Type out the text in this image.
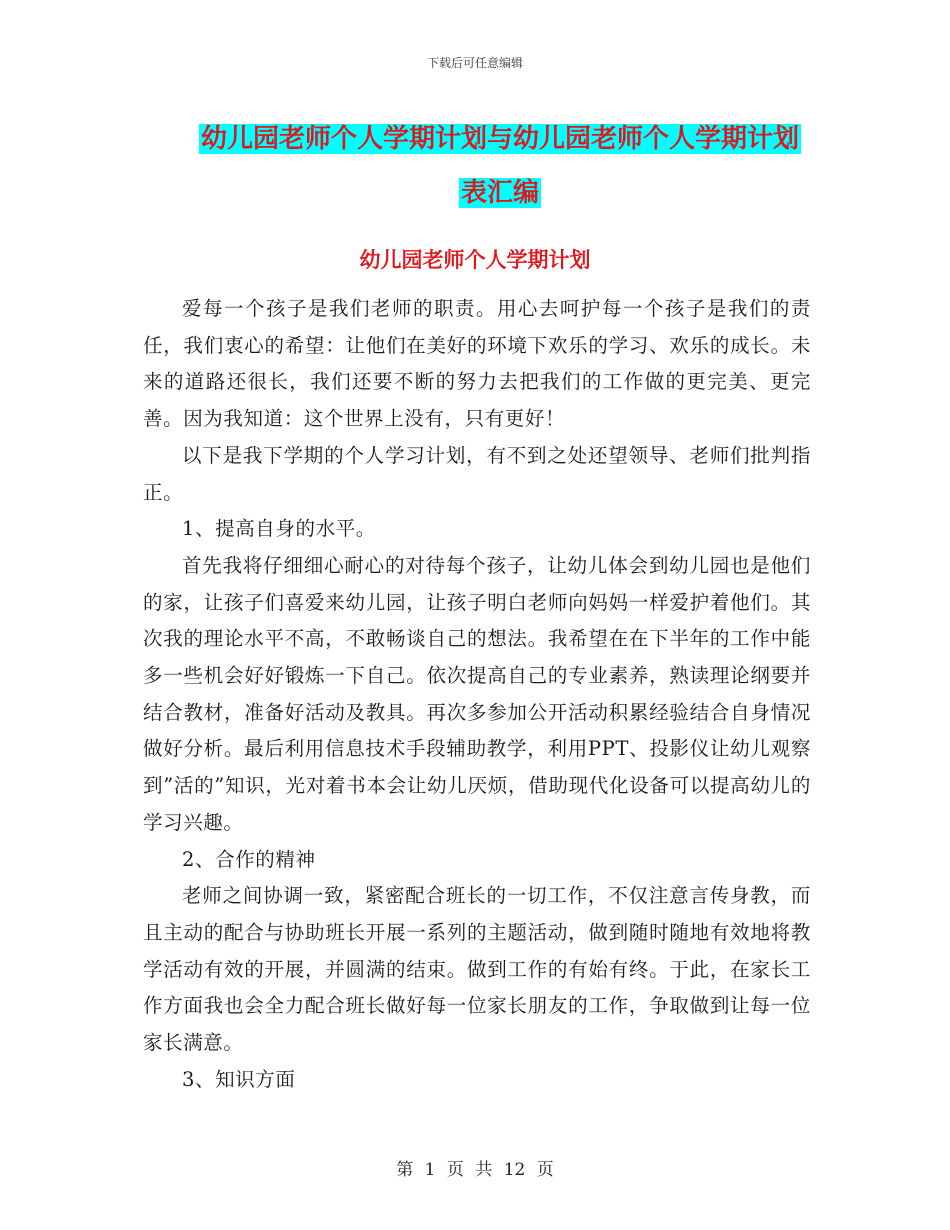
下载后可任意编辑
幼儿园老师个人学期计划与幼儿园老师个人学期计划
表汇编
幼儿园老师个人学期计划

爱每一个孩子是我们老师的职责。用心去呵护每一个孩子是我们的责任，我们衷心的希望：让他们在美好的环境下欢乐的学习、欢乐的成长。未来的道路还很长，我们还要不断的努力去把我们的工作做的更完美、更完善。因为我知道：这个世界上没有，只有更好！

以下是我下学期的个人学习计划，有不到之处还望领导、老师们批判指正。

1、提高自身的水平。

首先我将仔细细心耐心的对待每个孩子，让幼儿体会到幼儿园也是他们的家，让孩子们喜爱来幼儿园，让孩子明白老师向妈妈一样爱护着他们。其次我的理论水平不高，不敢畅谈自己的想法。我希望在在下半年的工作中能多一些机会好好锻炼一下自己。依次提高自己的专业素养，熟读理论纲要并结合教材，准备好活动及教具。再次多参加公开活动积累经验结合自身情况做好分析。最后利用信息技术手段辅助教学，利用PPT、投影仪让幼儿观察到”活的”知识，光对着书本会让幼儿厌烦，借助现代化设备可以提高幼儿的学习兴趣。

2、合作的精神

老师之间协调一致，紧密配合班长的一切工作，不仅注意言传身教，而且主动的配合与协助班长开展一系列的主题活动，做到随时随地有效地将教学活动有效的开展，并圆满的结束。做到工作的有始有终。于此，在家长工作方面我也会全力配合班长做好每一位家长朋友的工作，争取做到让每一位家长满意。

3、知识方面

第 1 页 共 12 页
